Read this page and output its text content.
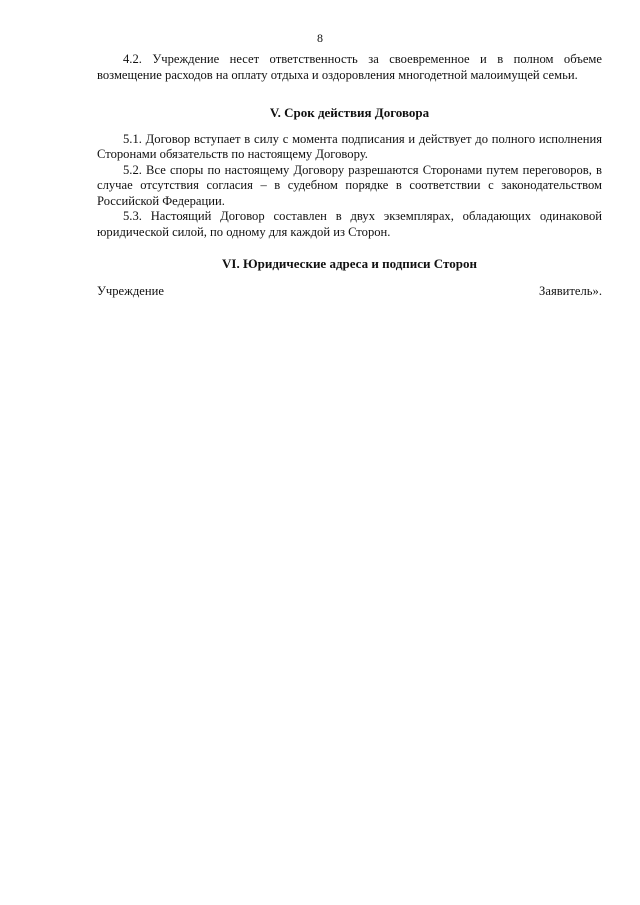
8

4.2. Учреждение несет ответственность за своевременное и в полном объеме возмещение расходов на оплату отдыха и оздоровления многодетной малоимущей семьи.

V. Срок действия Договора

5.1. Договор вступает в силу с момента подписания и действует до полного исполнения Сторонами обязательств по настоящему Договору.

5.2. Все споры по настоящему Договору разрешаются Сторонами путем переговоров, в случае отсутствия согласия – в судебном порядке в соответствии с законодательством Российской Федерации.

5.3. Настоящий Договор составлен в двух экземплярах, обладающих одинаковой юридической силой, по одному для каждой из Сторон.

VI. Юридические адреса и подписи Сторон

Учреждение	Заявитель».
